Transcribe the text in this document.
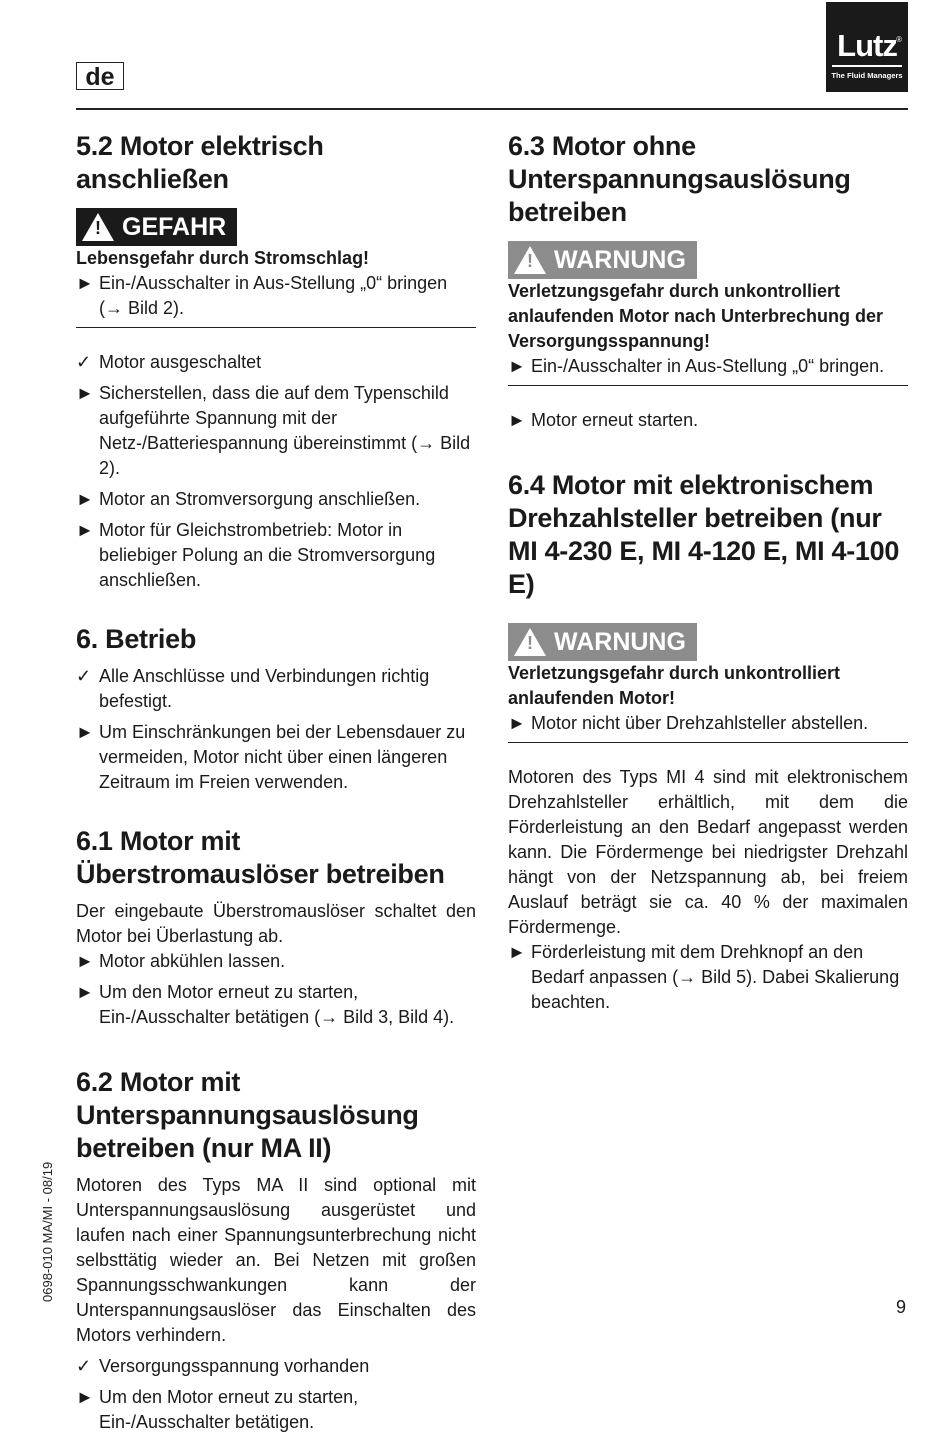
de
Lutz ®
The Fluid Managers
5.2 Motor elektrisch anschließen
! GEFAHR
Lebensgefahr durch Stromschlag!
► Ein-/Ausschalter in Aus-Stellung „0“ bringen (→ Bild 2).
✓ Motor ausgeschaltet
► Sicherstellen, dass die auf dem Typenschild aufgeführte Spannung mit der Netz-/Batteriespannung übereinstimmt (→ Bild 2).
► Motor an Stromversorgung anschließen.
► Motor für Gleichstrombetrieb: Motor in beliebiger Polung an die Stromversorgung anschließen.
6. Betrieb
✓ Alle Anschlüsse und Verbindungen richtig befestigt.
► Um Einschränkungen bei der Lebensdauer zu vermeiden, Motor nicht über einen längeren Zeitraum im Freien verwenden.
6.1 Motor mit Überstromauslöser betreiben

Der eingebaute Überstromauslöser schaltet den Motor bei Überlastung ab.

► Motor abkühlen lassen.
► Um den Motor erneut zu starten, Ein-/Ausschalter betätigen (→ Bild 3, Bild 4).
6.2 Motor mit Unterspannungsauslösung betreiben (nur MA II)

Motoren des Typs MA II sind optional mit Unterspannungsauslösung ausgerüstet und laufen nach einer Spannungsunterbrechung nicht selbsttätig wieder an. Bei Netzen mit großen Spannungsschwankungen kann der Unterspannungsauslöser das Einschalten des Motors verhindern.

✓ Versorgungsspannung vorhanden
► Um den Motor erneut zu starten, Ein-/Ausschalter betätigen.
6.3 Motor ohne Unterspannungsauslösung betreiben
! WARNUNG
Verletzungsgefahr durch unkontrolliert anlaufenden Motor nach Unterbrechung der Versorgungsspannung!
► Ein-/Ausschalter in Aus-Stellung „0“ bringen.
► Motor erneut starten.
6.4 Motor mit elektronischem Drehzahlsteller betreiben (nur MI 4-230 E, MI 4-120 E, MI 4-100 E)
! WARNUNG
Verletzungsgefahr durch unkontrolliert anlaufenden Motor!
► Motor nicht über Drehzahlsteller abstellen.

Motoren des Typs MI 4 sind mit elektronischem Drehzahlsteller erhältlich, mit dem die Förderleistung an den Bedarf angepasst werden kann. Die Fördermenge bei niedrigster Drehzahl hängt von der Netzspannung ab, bei freiem Auslauf beträgt sie ca. 40 % der maximalen Fördermenge.

► Förderleistung mit dem Drehknopf an den Bedarf anpassen (→ Bild 5). Dabei Skalierung beachten.
0698-010 MA/MI - 08/19
9
